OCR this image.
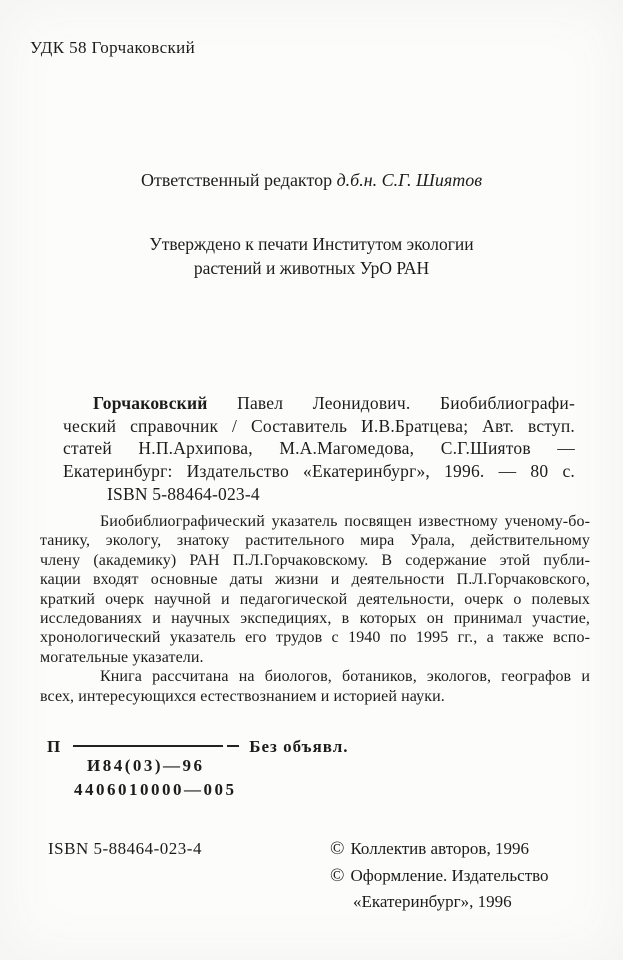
УДК 58 Горчаковский
Ответственный редактор д.б.н. С.Г. Шиятов
Утверждено к печати Институтом экологии
растений и животных УрО РАН
Горчаковский Павел Леонидович. Биобиблиографи-
ческий справочник / Составитель И.В.Братцева; Авт. вступ.
статей Н.П.Архипова, М.А.Магомедова, С.Г.Шиятов —
Екатеринбург: Издательство «Екатеринбург», 1996. — 80 с.
ISBN 5-88464-023-4
Биобиблиографический указатель посвящен известному ученому-бо-
танику, экологу, знатоку растительного мира Урала, действительному
члену (академику) РАН П.Л.Горчаковскому. В содержание этой публи-
кации входят основные даты жизни и деятельности П.Л.Горчаковского,
краткий очерк научной и педагогической деятельности, очерк о полевых
исследованиях и научных экспедициях, в которых он принимал участие,
хронологический указатель его трудов с 1940 по 1995 гг., а также вспо-
могательные указатели.
Книга рассчитана на биологов, ботаников, экологов, географов и
всех, интересующихся естествознанием и историей науки.
П	Без объявл.
И84(03)—96
4406010000—005
ISBN 5-88464-023-4	© Коллектив авторов, 1996
© Оформление. Издательство
«Екатеринбург», 1996
